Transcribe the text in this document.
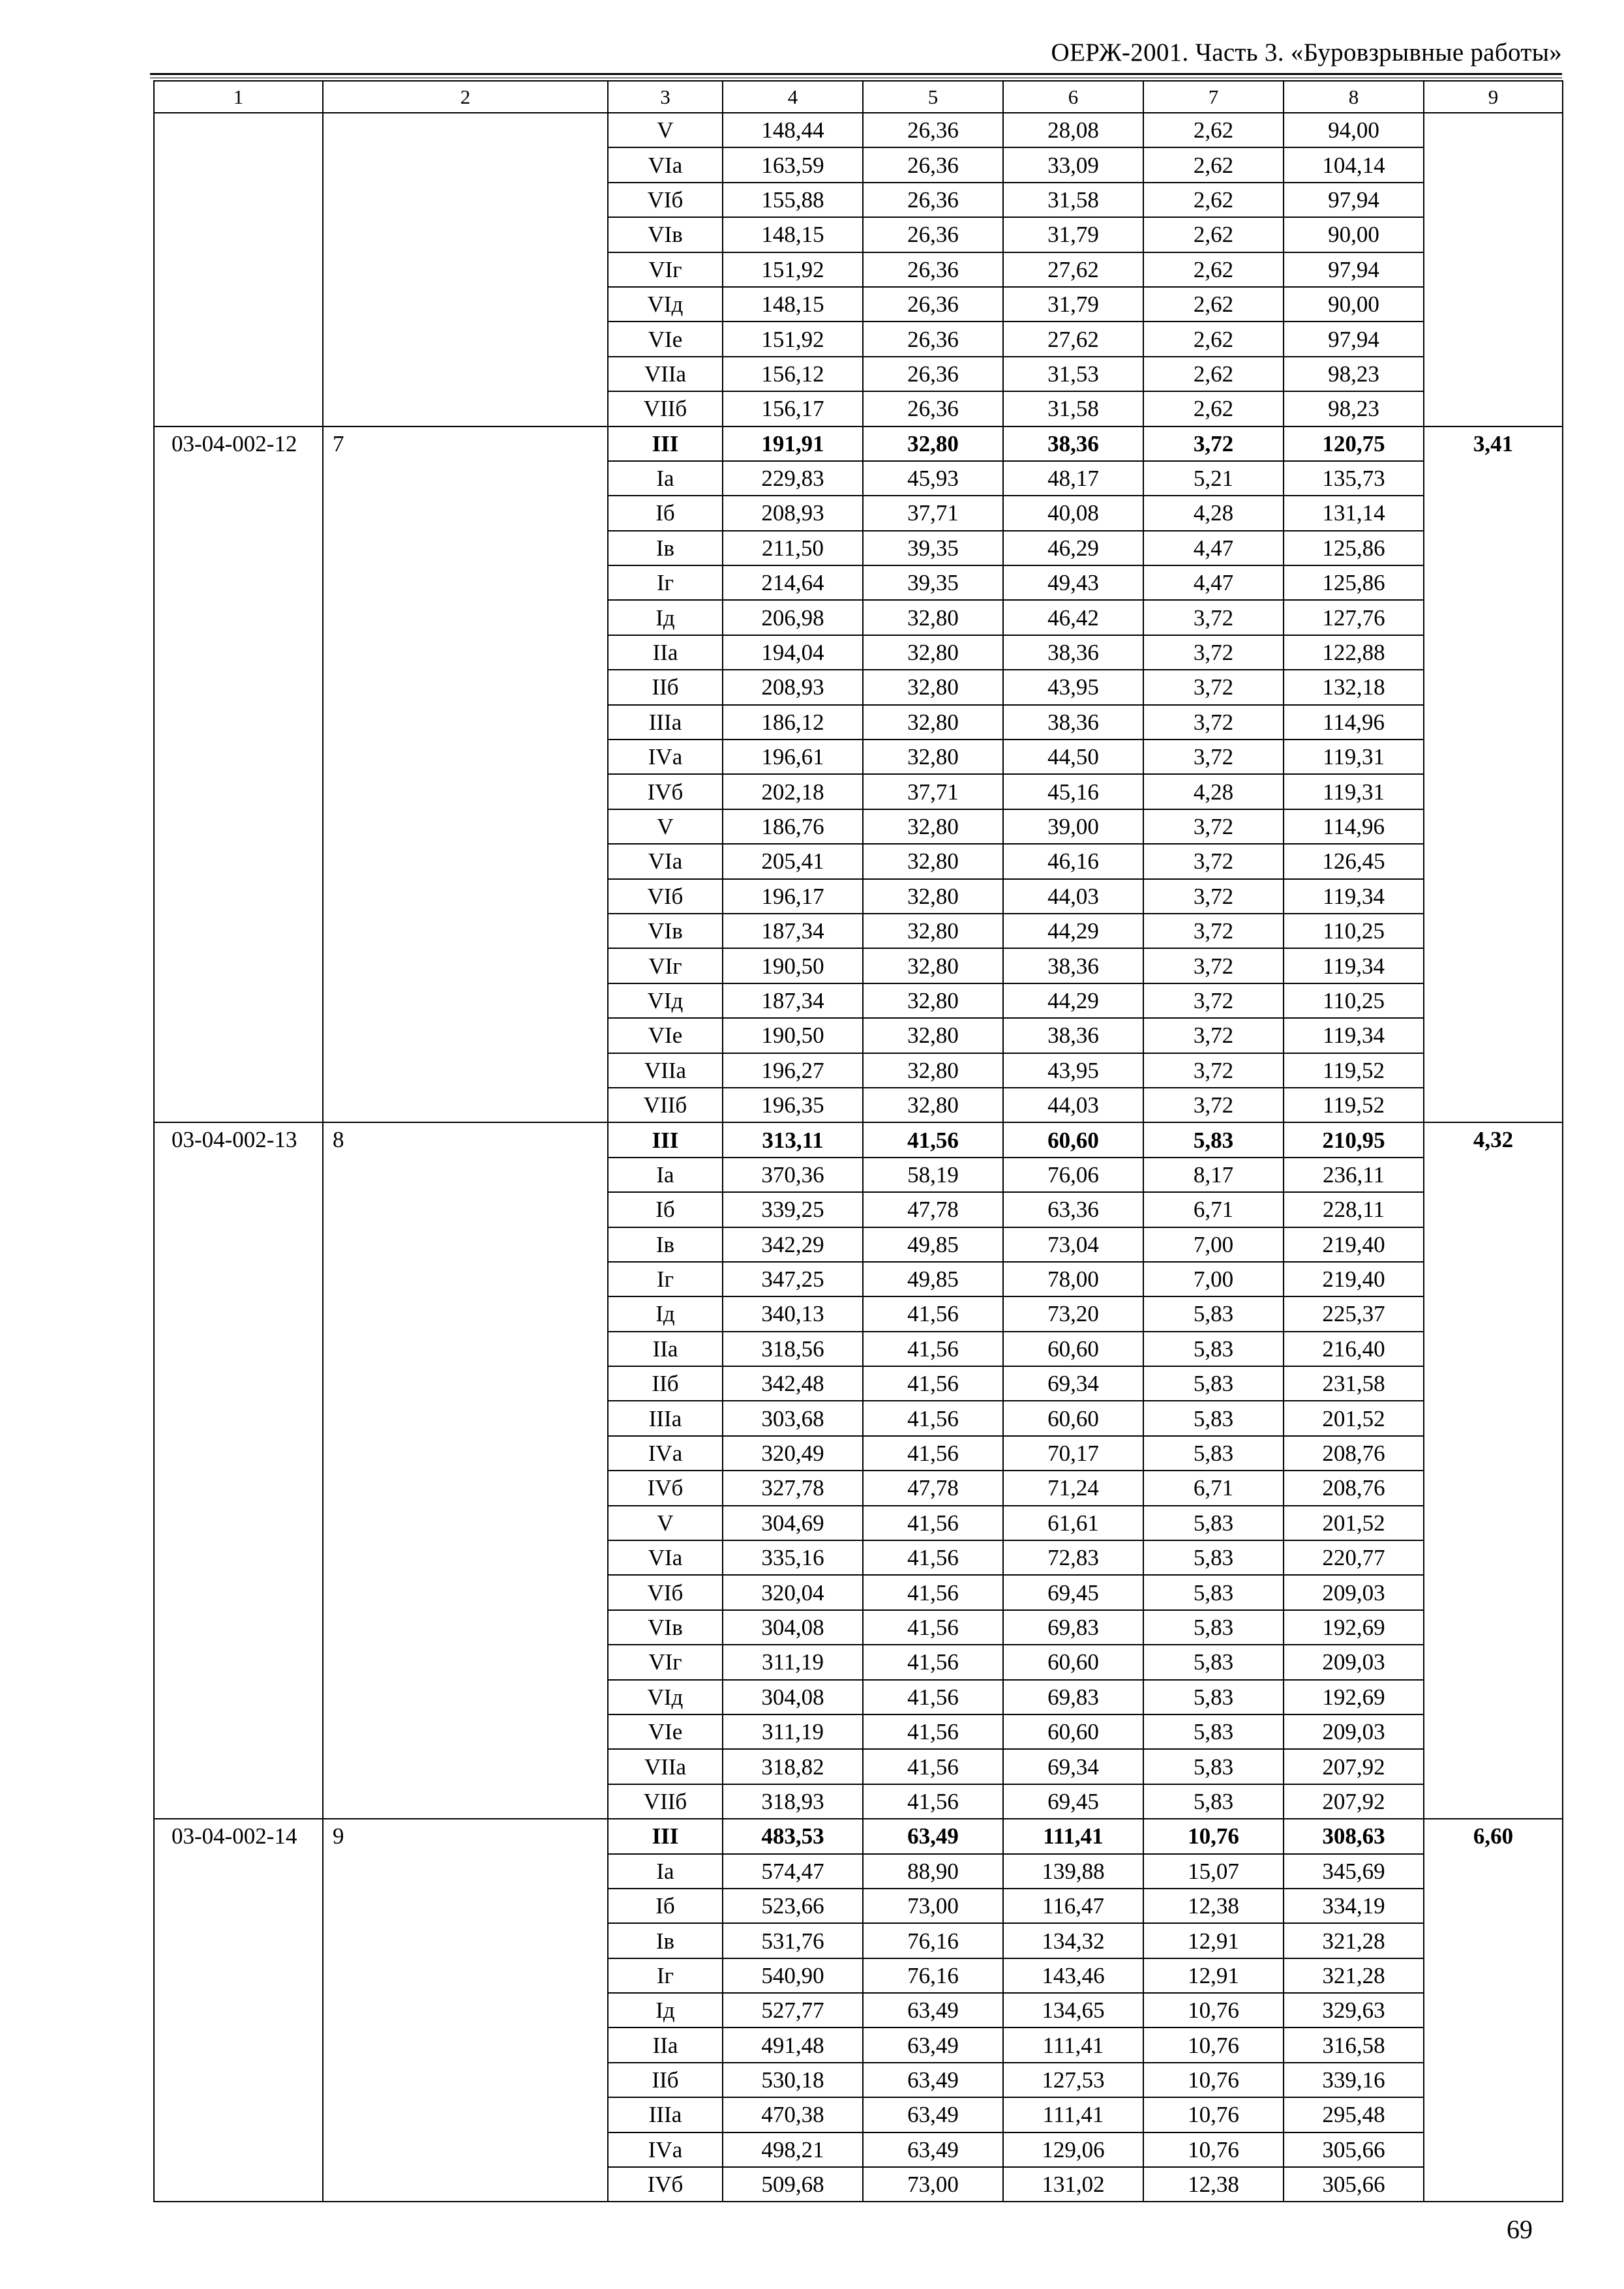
ОЕРЖ-2001. Часть 3. «Буровзрывные работы»
1	2	3	4	5	6	7	8	9
		V	148,44	26,36	28,08	2,62	94,00	
		VIа	163,59	26,36	33,09	2,62	104,14	
		VIб	155,88	26,36	31,58	2,62	97,94	
		VIв	148,15	26,36	31,79	2,62	90,00	
		VIг	151,92	26,36	27,62	2,62	97,94	
		VIд	148,15	26,36	31,79	2,62	90,00	
		VIе	151,92	26,36	27,62	2,62	97,94	
		VIIа	156,12	26,36	31,53	2,62	98,23	
		VIIб	156,17	26,36	31,58	2,62	98,23	
03-04-002-12	7	III	191,91	32,80	38,36	3,72	120,75	3,41
		Iа	229,83	45,93	48,17	5,21	135,73	
		Iб	208,93	37,71	40,08	4,28	131,14	
		Iв	211,50	39,35	46,29	4,47	125,86	
		Iг	214,64	39,35	49,43	4,47	125,86	
		Iд	206,98	32,80	46,42	3,72	127,76	
		IIа	194,04	32,80	38,36	3,72	122,88	
		IIб	208,93	32,80	43,95	3,72	132,18	
		IIIа	186,12	32,80	38,36	3,72	114,96	
		IVа	196,61	32,80	44,50	3,72	119,31	
		IVб	202,18	37,71	45,16	4,28	119,31	
		V	186,76	32,80	39,00	3,72	114,96	
		VIа	205,41	32,80	46,16	3,72	126,45	
		VIб	196,17	32,80	44,03	3,72	119,34	
		VIв	187,34	32,80	44,29	3,72	110,25	
		VIг	190,50	32,80	38,36	3,72	119,34	
		VIд	187,34	32,80	44,29	3,72	110,25	
		VIе	190,50	32,80	38,36	3,72	119,34	
		VIIа	196,27	32,80	43,95	3,72	119,52	
		VIIб	196,35	32,80	44,03	3,72	119,52	
03-04-002-13	8	III	313,11	41,56	60,60	5,83	210,95	4,32
		Iа	370,36	58,19	76,06	8,17	236,11	
		Iб	339,25	47,78	63,36	6,71	228,11	
		Iв	342,29	49,85	73,04	7,00	219,40	
		Iг	347,25	49,85	78,00	7,00	219,40	
		Iд	340,13	41,56	73,20	5,83	225,37	
		IIа	318,56	41,56	60,60	5,83	216,40	
		IIб	342,48	41,56	69,34	5,83	231,58	
		IIIа	303,68	41,56	60,60	5,83	201,52	
		IVа	320,49	41,56	70,17	5,83	208,76	
		IVб	327,78	47,78	71,24	6,71	208,76	
		V	304,69	41,56	61,61	5,83	201,52	
		VIа	335,16	41,56	72,83	5,83	220,77	
		VIб	320,04	41,56	69,45	5,83	209,03	
		VIв	304,08	41,56	69,83	5,83	192,69	
		VIг	311,19	41,56	60,60	5,83	209,03	
		VIд	304,08	41,56	69,83	5,83	192,69	
		VIе	311,19	41,56	60,60	5,83	209,03	
		VIIа	318,82	41,56	69,34	5,83	207,92	
		VIIб	318,93	41,56	69,45	5,83	207,92	
03-04-002-14	9	III	483,53	63,49	111,41	10,76	308,63	6,60
		Iа	574,47	88,90	139,88	15,07	345,69	
		Iб	523,66	73,00	116,47	12,38	334,19	
		Iв	531,76	76,16	134,32	12,91	321,28	
		Iг	540,90	76,16	143,46	12,91	321,28	
		Iд	527,77	63,49	134,65	10,76	329,63	
		IIа	491,48	63,49	111,41	10,76	316,58	
		IIб	530,18	63,49	127,53	10,76	339,16	
		IIIа	470,38	63,49	111,41	10,76	295,48	
		IVа	498,21	63,49	129,06	10,76	305,66	
		IVб	509,68	73,00	131,02	12,38	305,66	
69
